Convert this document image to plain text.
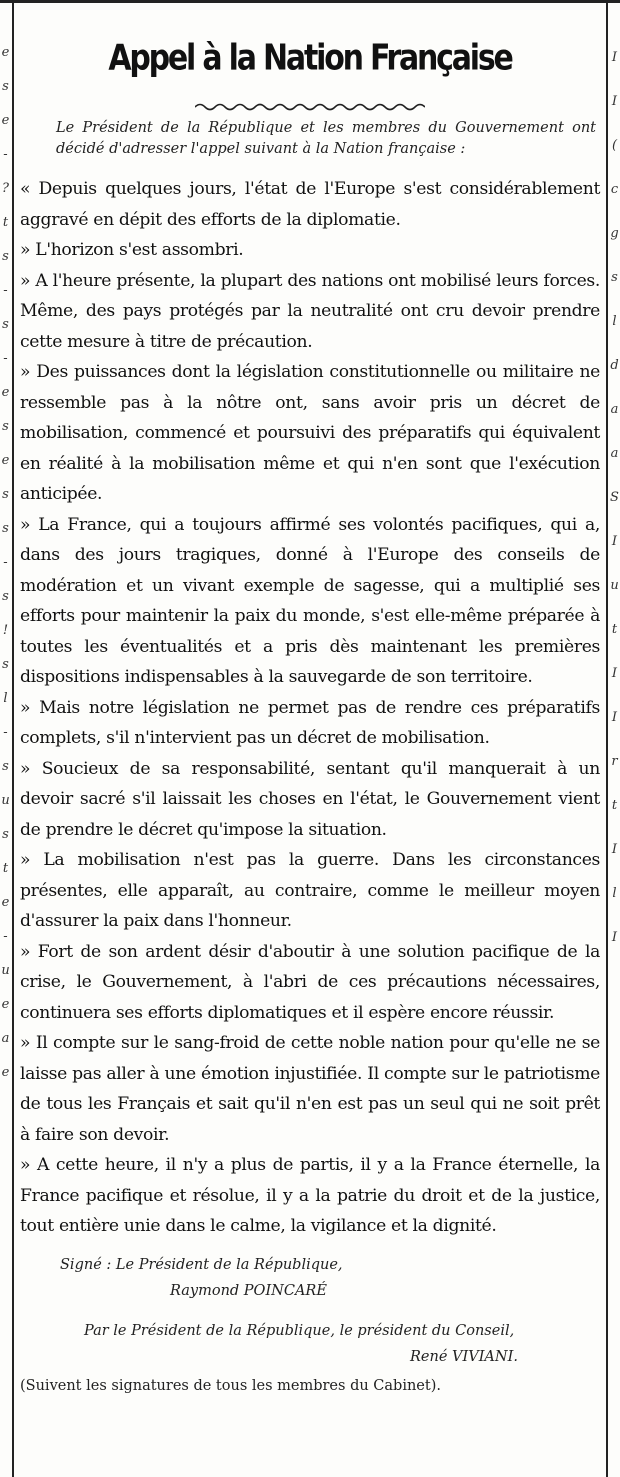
e
s
e
-
?
t
s
-
s
-
e
s
e
s
s
-
s
!
s
l
-
s
u
s
t
e
-
u
e
a
e
I
I
(
c
g
s
l
d
a
a
S
I
u
t
I
I
r
t
I
l
I
Appel à la Nation Française

Le Président de la République et les membres du Gouvernement ont décidé d'adresser l'appel suivant à la Nation française :

« Depuis quelques jours, l'état de l'Europe s'est considérablement aggravé en dépit des efforts de la diplomatie.

» L'horizon s'est assombri.

» A l'heure présente, la plupart des nations ont mobilisé leurs forces. Même, des pays protégés par la neutralité ont cru devoir prendre cette mesure à titre de précaution.

» Des puissances dont la législation constitutionnelle ou militaire ne ressemble pas à la nôtre ont, sans avoir pris un décret de mobilisation, commencé et poursuivi des préparatifs qui équivalent en réalité à la mobilisation même et qui n'en sont que l'exécution anticipée.

» La France, qui a toujours affirmé ses volontés pacifiques, qui a, dans des jours tragiques, donné à l'Europe des conseils de modération et un vivant exemple de sagesse, qui a multiplié ses efforts pour maintenir la paix du monde, s'est elle-même préparée à toutes les éventualités et a pris dès maintenant les premières dispositions indispensables à la sauvegarde de son territoire.

» Mais notre législation ne permet pas de rendre ces préparatifs complets, s'il n'intervient pas un décret de mobilisation.

» Soucieux de sa responsabilité, sentant qu'il manquerait à un devoir sacré s'il laissait les choses en l'état, le Gouvernement vient de prendre le décret qu'impose la situation.

» La mobilisation n'est pas la guerre. Dans les circonstances présentes, elle apparaît, au contraire, comme le meilleur moyen d'assurer la paix dans l'honneur.

» Fort de son ardent désir d'aboutir à une solution pacifique de la crise, le Gouvernement, à l'abri de ces précautions nécessaires, continuera ses efforts diplomatiques et il espère encore réussir.

» Il compte sur le sang-froid de cette noble nation pour qu'elle ne se laisse pas aller à une émotion injustifiée. Il compte sur le patriotisme de tous les Français et sait qu'il n'en est pas un seul qui ne soit prêt à faire son devoir.

» A cette heure, il n'y a plus de partis, il y a la France éternelle, la France pacifique et résolue, il y a la patrie du droit et de la justice, tout entière unie dans le calme, la vigilance et la dignité.

Signé : Le Président de la République,
Raymond POINCARÉ
Par le Président de la République, le président du Conseil,
René VIVIANI.
(Suivent les signatures de tous les membres du Cabinet).
